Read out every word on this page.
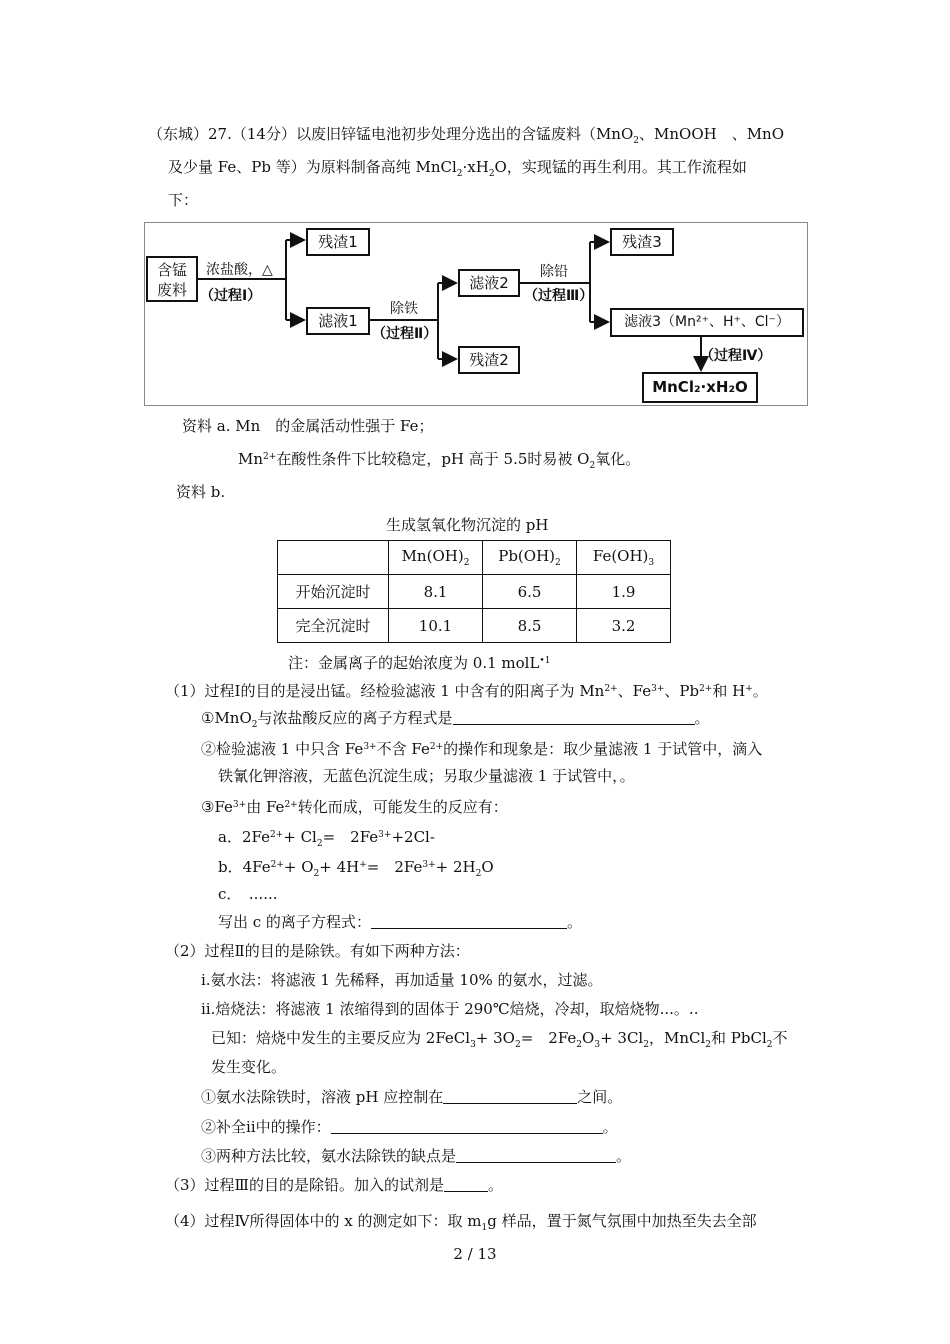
（东城）27.（14分）以废旧锌锰电池初步处理分选出的含锰废料（MnO$_2$、MnOOH　、MnO
及少量 Fe、Pb 等）为原料制备高纯 $MnCl_2\cdot xH_2O$，实现锰的再生利用。其工作流程如
下：
含锰
废料
浓盐酸，△
（过程Ⅰ）
残渣1
滤液1
除铁
（过程Ⅱ）
滤液2
残渣2
除铅
（过程Ⅲ）
残渣3
滤液3（Mn²⁺、H⁺、Cl⁻）
（过程Ⅳ）
MnCl₂·xH₂O
资料 a. Mn　的金属活动性强于 Fe；
$Mn^{2+}$在酸性条件下比较稳定，pH 高于 5.5时易被 $O_2$氧化。
资料 b.
生成氢氧化物沉淀的 pH
	$Mn(OH)_2$	$Pb(OH)_2$	$Fe(OH)_3$
开始沉淀时	8.1	6.5	1.9
完全沉淀时	10.1	8.5	3.2
注：金属离子的起始浓度为 0.1 molL$^{•1}$
（1）过程Ⅰ的目的是浸出锰。经检验滤液 1 中含有的阳离子为 $Mn^{2+}$、$Fe^{3+}$、$Pb^{2+}$和 H+。
①MnO$_2$与浓盐酸反应的离子方程式是	。
②检验滤液 1 中只含 $Fe^{3+}$不含 $Fe^{2+}$的操作和现象是：取少量滤液 1 于试管中，滴入
铁氰化钾溶液，无蓝色沉淀生成；另取少量滤液 1 于试管中，。
$③Fe^{3+}$由 $Fe^{2+}$转化而成，可能发生的反应有：
a．$2Fe^{2+}+ Cl_2=$　$2Fe^{3+}+2Cl-$
b．$4Fe^{2+}+ O_2+ 4H^+=$　$2Fe^{3+}+ 2H_2O$
c．　......
写出 c 的离子方程式：	。
（2）过程Ⅱ的目的是除铁。有如下两种方法：
ⅰ.氨水法：将滤液 1 先稀释，再加适量 10% 的氨水，过滤。
ⅱ.焙烧法：将滤液 1 浓缩得到的固体于 290℃焙烧，冷却，取焙烧物...。..
已知：焙烧中发生的主要反应为 2FeCl$_3$+ $3O_2=$　$2Fe_2O_3+ 3Cl_2$，MnCl$_2$和 PbCl$_2$不
发生变化。
①氨水法除铁时，溶液 pH 应控制在	之间。
②补全ⅱ中的操作：	。
③两种方法比较，氨水法除铁的缺点是	。
（3）过程Ⅲ的目的是除铅。加入的试剂是	。
（4）过程Ⅳ所得固体中的 x 的测定如下：取 $m_1g$ 样品，置于氮气氛围中加热至失去全部
2 / 13
